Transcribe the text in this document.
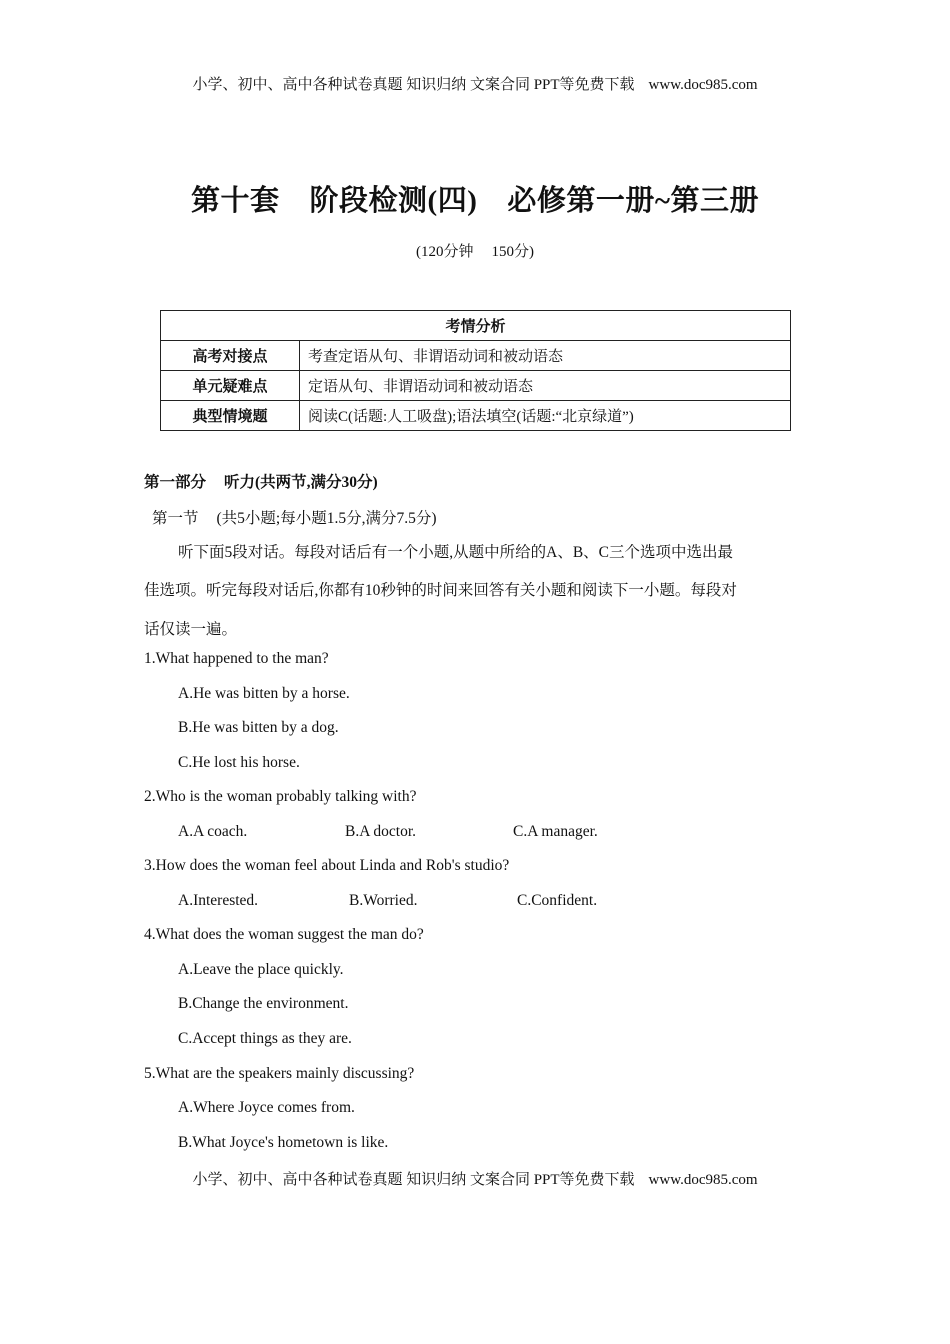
小学、初中、高中各种试卷真题 知识归纳 文案合同 PPT等免费下载 www.doc985.com
第十套 阶段检测(四) 必修第一册~第三册
(120分钟 150分)
考情分析	
高考对接点	考查定语从句、非谓语动词和被动语态
单元疑难点	定语从句、非谓语动词和被动语态
典型情境题	阅读C(话题:人工吸盘);语法填空(话题:“北京绿道”)
第一部分 听力(共两节,满分30分)
第一节 (共5小题;每小题1.5分,满分7.5分)
听下面5段对话。每段对话后有一个小题,从题中所给的A、B、C三个选项中选出最
佳选项。听完每段对话后,你都有10秒钟的时间来回答有关小题和阅读下一小题。每段对
话仅读一遍。
1.What happened to the man?
A.He was bitten by a horse.
B.He was bitten by a dog.
C.He lost his horse.
2.Who is the woman probably talking with?
A.A coach.	B.A doctor.	C.A manager.
3.How does the woman feel about Linda and Rob's studio?
A.Interested.	B.Worried.	C.Confident.
4.What does the woman suggest the man do?
A.Leave the place quickly.
B.Change the environment.
C.Accept things as they are.
5.What are the speakers mainly discussing?
A.Where Joyce comes from.
B.What Joyce's hometown is like.
小学、初中、高中各种试卷真题 知识归纳 文案合同 PPT等免费下载 www.doc985.com
